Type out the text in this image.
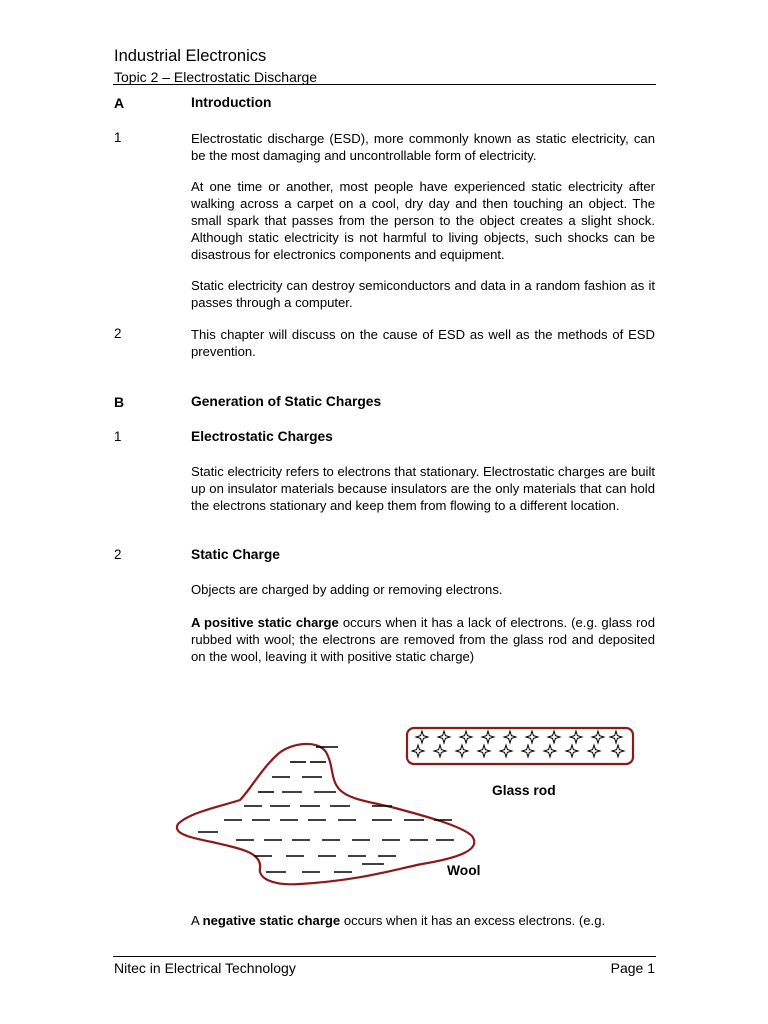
Industrial Electronics
Topic 2 – Electrostatic Discharge
A	Introduction
1	Electrostatic discharge (ESD), more commonly known as static electricity, can be the most damaging and uncontrollable form of electricity.
At one time or another, most people have experienced static electricity after walking across a carpet on a cool, dry day and then touching an object. The small spark that passes from the person to the object creates a slight shock. Although static electricity is not harmful to living objects, such shocks can be disastrous for electronics components and equipment.
Static electricity can destroy semiconductors and data in a random fashion as it passes through a computer.
2	This chapter will discuss on the cause of ESD as well as the methods of ESD prevention.
B	Generation of Static Charges
1	Electrostatic Charges
Static electricity refers to electrons that stationary. Electrostatic charges are built up on insulator materials because insulators are the only materials that can hold the electrons stationary and keep them from flowing to a different location.
2	Static Charge
Objects are charged by adding or removing electrons.
A positive static charge occurs when it has a lack of electrons. (e.g. glass rod rubbed with wool; the electrons are removed from the glass rod and deposited on the wool, leaving it with positive static charge)
Glass rod
Wool
A negative static charge occurs when it has an excess electrons. (e.g.
Nitec in Electrical Technology	Page 1
